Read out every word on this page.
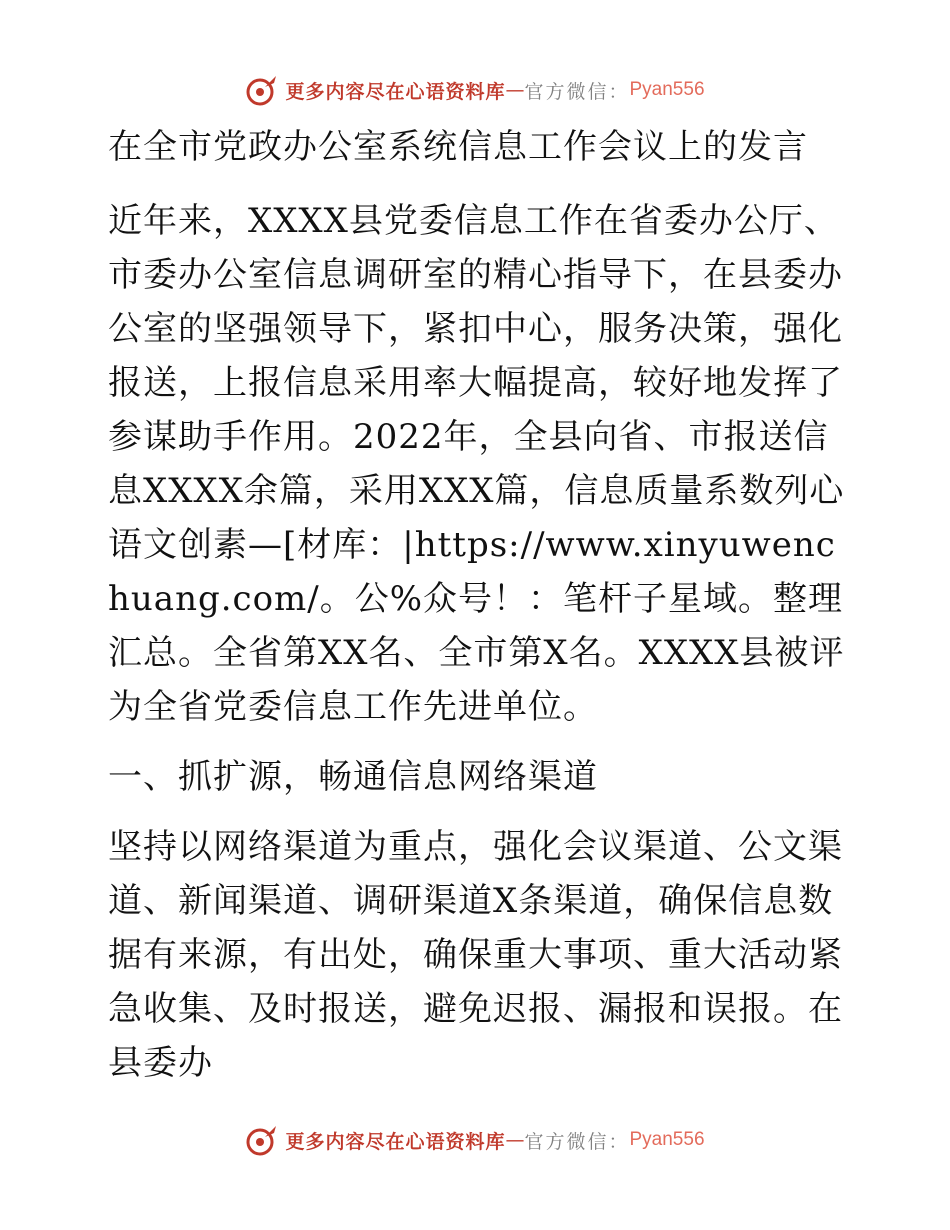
更多内容尽在心语资料库 — 官方微信： Pyan556

在全市党政办公室系统信息工作会议上的发言

近年来，XXXX县党委信息工作在省委办公厅、市委办公室信息调研室的精心指导下，在县委办公室的坚强领导下，紧扣中心，服务决策，强化报送，上报信息采用率大幅提高，较好地发挥了参谋助手作用。2022年，全县向省、市报送信息XXXX余篇，采用XXX篇，信息质量系数列心语文创素—[材库：|https://www.xinyuwenchuang.com/。公%众号！：笔杆子星域。整理汇总。全省第XX名、全市第X名。XXXX县被评为全省党委信息工作先进单位。

一、抓扩源，畅通信息网络渠道

坚持以网络渠道为重点，强化会议渠道、公文渠道、新闻渠道、调研渠道X条渠道，确保信息数据有来源，有出处，确保重大事项、重大活动紧急收集、及时报送，避免迟报、漏报和误报。在县委办

更多内容尽在心语资料库 — 官方微信： Pyan556
